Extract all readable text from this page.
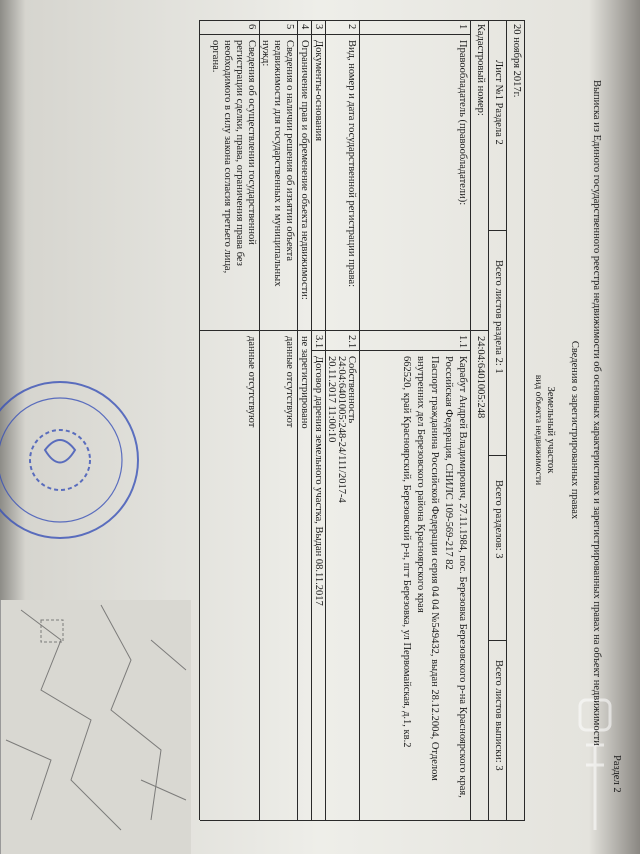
Раздел 2
Выписка из Единого государственного реестра недвижимости об основных характеристиках и зарегистрированных правах на объект недвижимости
Сведения о зарегистрированных правах
Земельный участок
вид объекта недвижимости
Лист №1 Раздела 2
Всего листов раздела 2: 1
Всего разделов: 3
Всего листов выписки: 3
20 ноября 2017г.
Кадастровый номер:
24:04:6401005:248
1
Правообладатель (правообладатели):
1.1
Карабут Андрей Владимирович, 27.11.1984, пос. Березовка Березовского р-на Красноярского края,
Российская Федерация, СНИЛС 109-569-217 82
Паспорт гражданина Российской Федерации серия 04 04 №549432, выдан 28.12.2004, Отделом
внутренних дел Березовского района Красноярского края
662520, край Красноярский, Березовский р-н, пгт Березовка, ул Первомайская, д.1, кв.2
2
Вид, номер и дата государственной регистрации права:
2.1
Собственность
24:04:6401005:248-24/111/2017-4
20.11.2017 11:00:10
3
Документы-основания
3.1
Договор дарения земельного участка, Выдан 08.11.2017
4
Ограничение прав и обременение объекта недвижимости:
не зарегистрировано
5
Сведения о наличии решения об изъятии объекта
недвижимости для государственных и муниципальных
нужд:
данные отсутствуют
6
Сведения об осуществлении государственной
регистрации сделки, права, ограничения права без
необходимого в силу закона согласия третьего лица,
органа.
данные отсутствуют
